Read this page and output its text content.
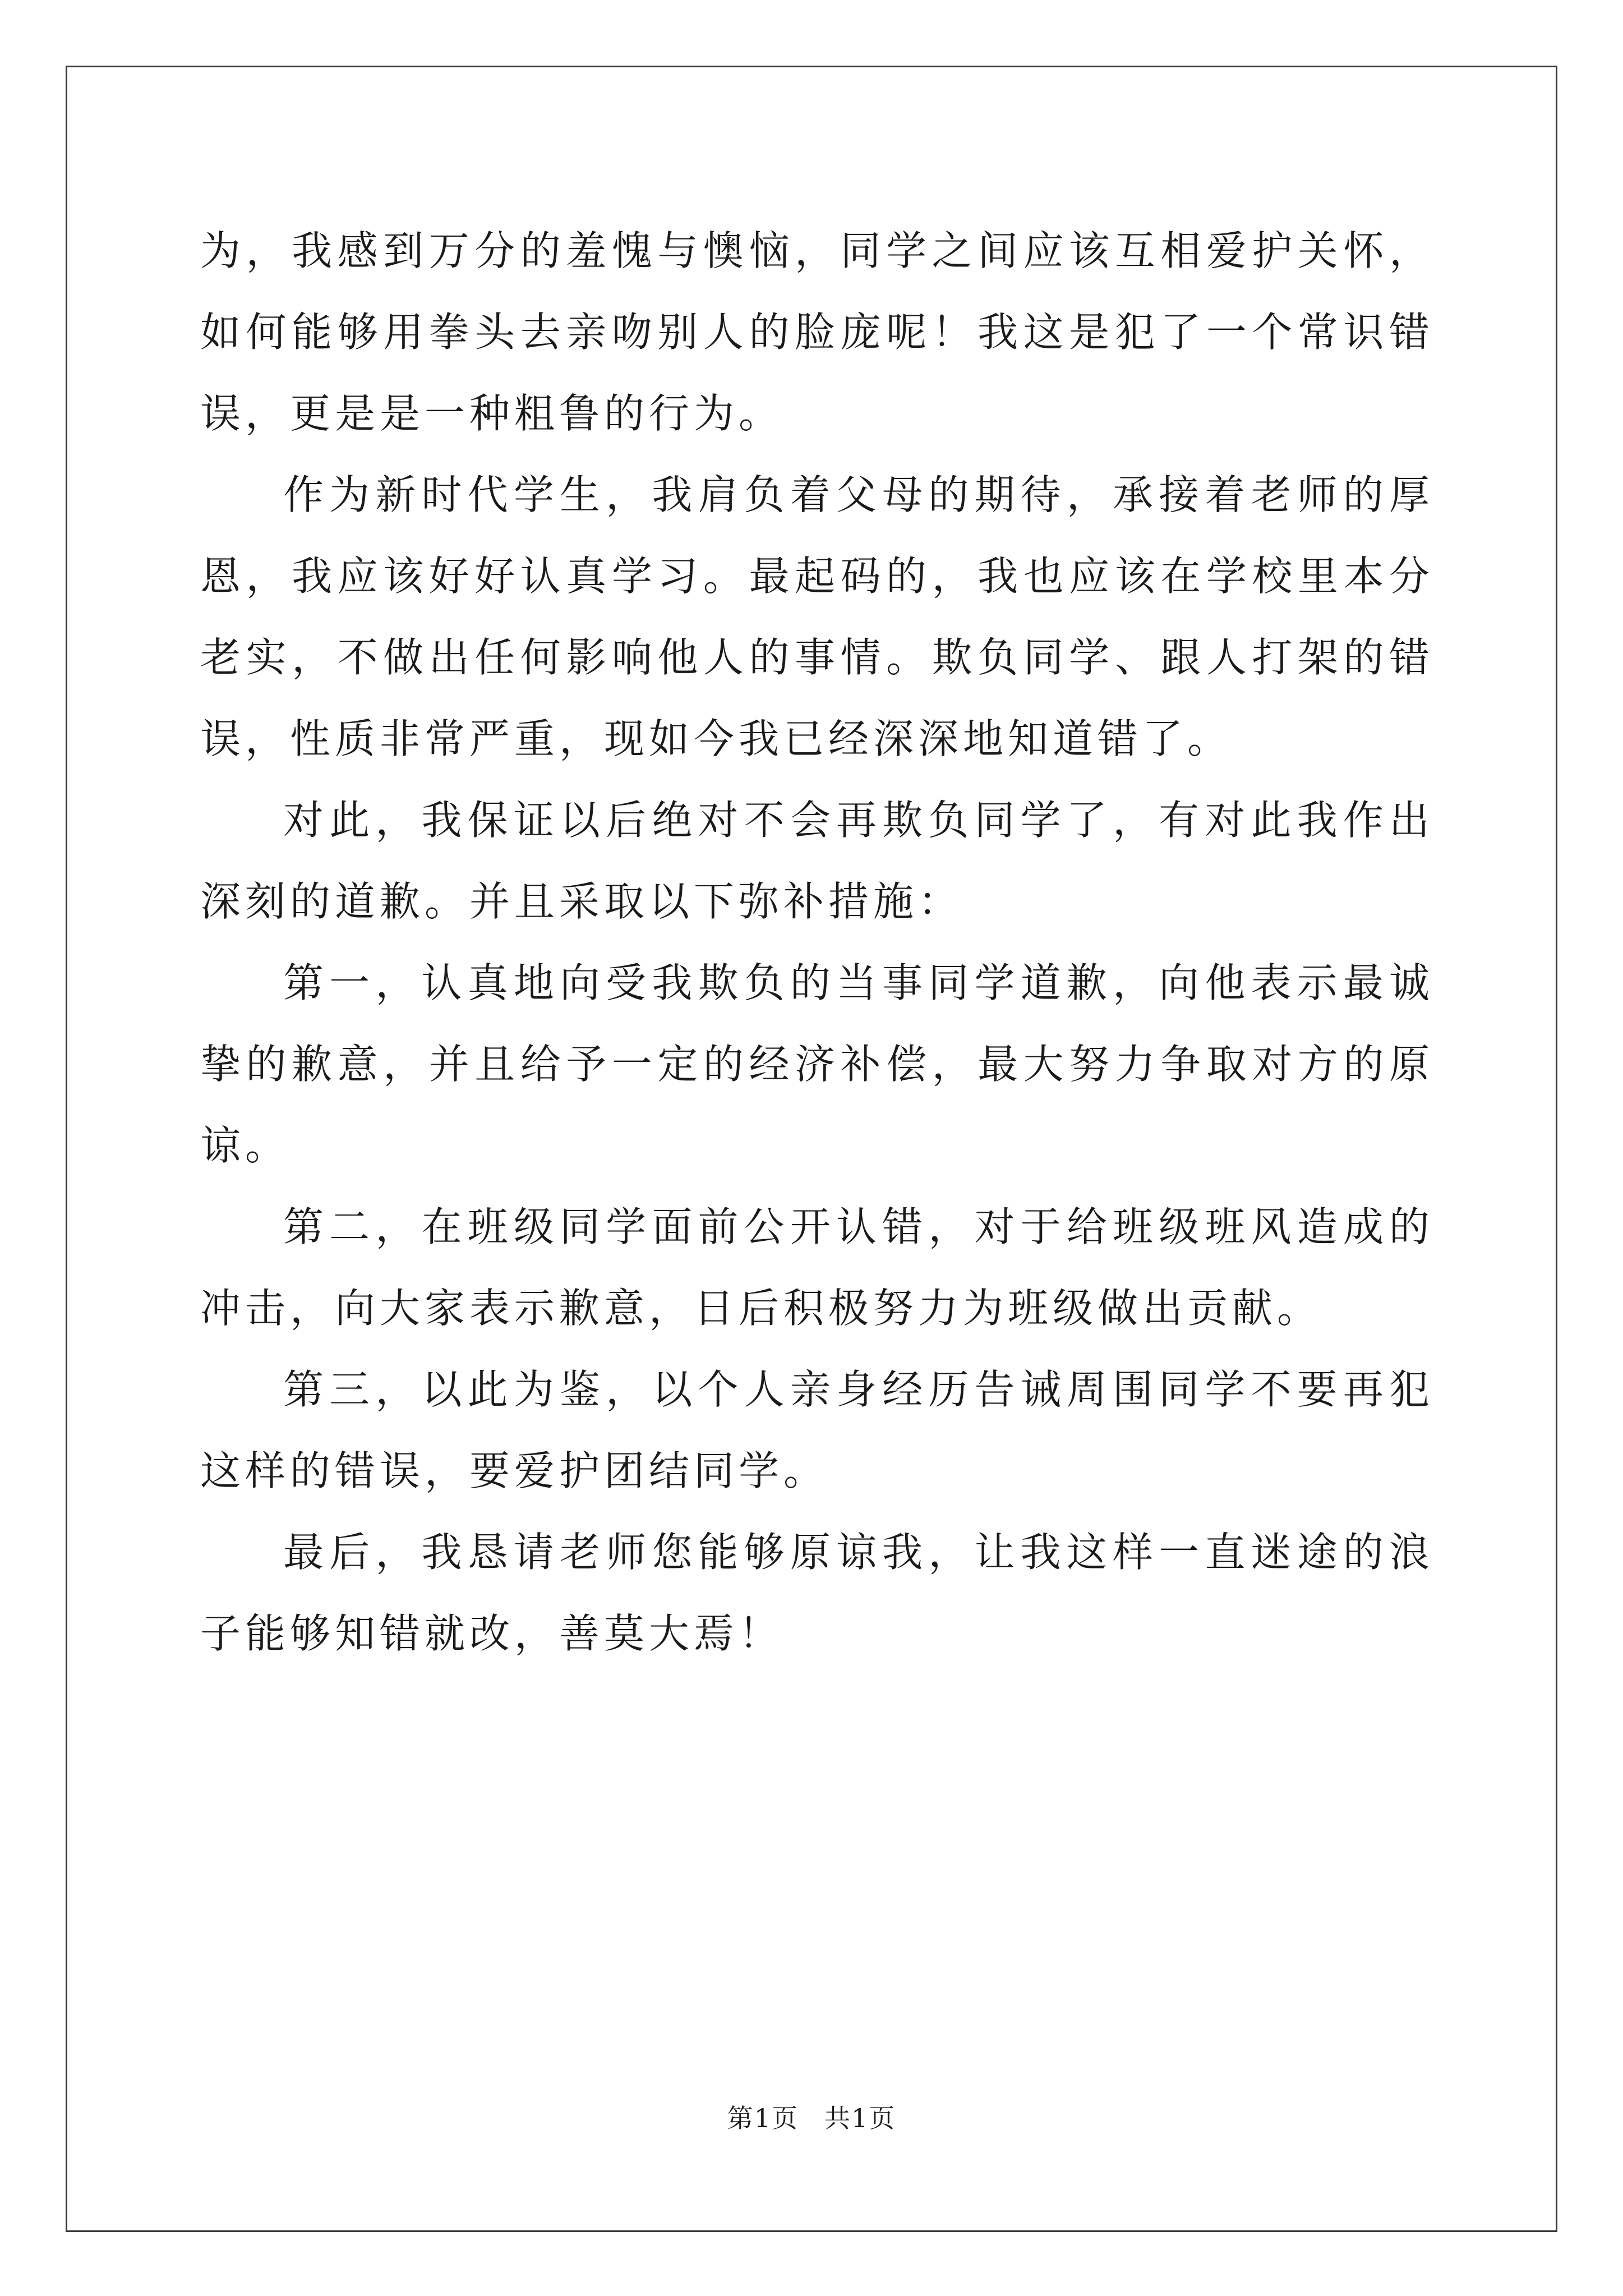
为，我感到万分的羞愧与懊恼，同学之间应该互相爱护关怀，如何能够用拳头去亲吻别人的脸庞呢！我这是犯了一个常识错误，更是是一种粗鲁的行为。

作为新时代学生，我肩负着父母的期待，承接着老师的厚恩，我应该好好认真学习。最起码的，我也应该在学校里本分老实，不做出任何影响他人的事情。欺负同学、跟人打架的错误，性质非常严重，现如今我已经深深地知道错了。

对此，我保证以后绝对不会再欺负同学了，有对此我作出深刻的道歉。并且采取以下弥补措施：

第一，认真地向受我欺负的当事同学道歉，向他表示最诚挚的歉意，并且给予一定的经济补偿，最大努力争取对方的原谅。

第二，在班级同学面前公开认错，对于给班级班风造成的冲击，向大家表示歉意，日后积极努力为班级做出贡献。

第三，以此为鉴，以个人亲身经历告诫周围同学不要再犯这样的错误，要爱护团结同学。

最后，我恳请老师您能够原谅我，让我这样一直迷途的浪子能够知错就改，善莫大焉！

第1页 共1页
